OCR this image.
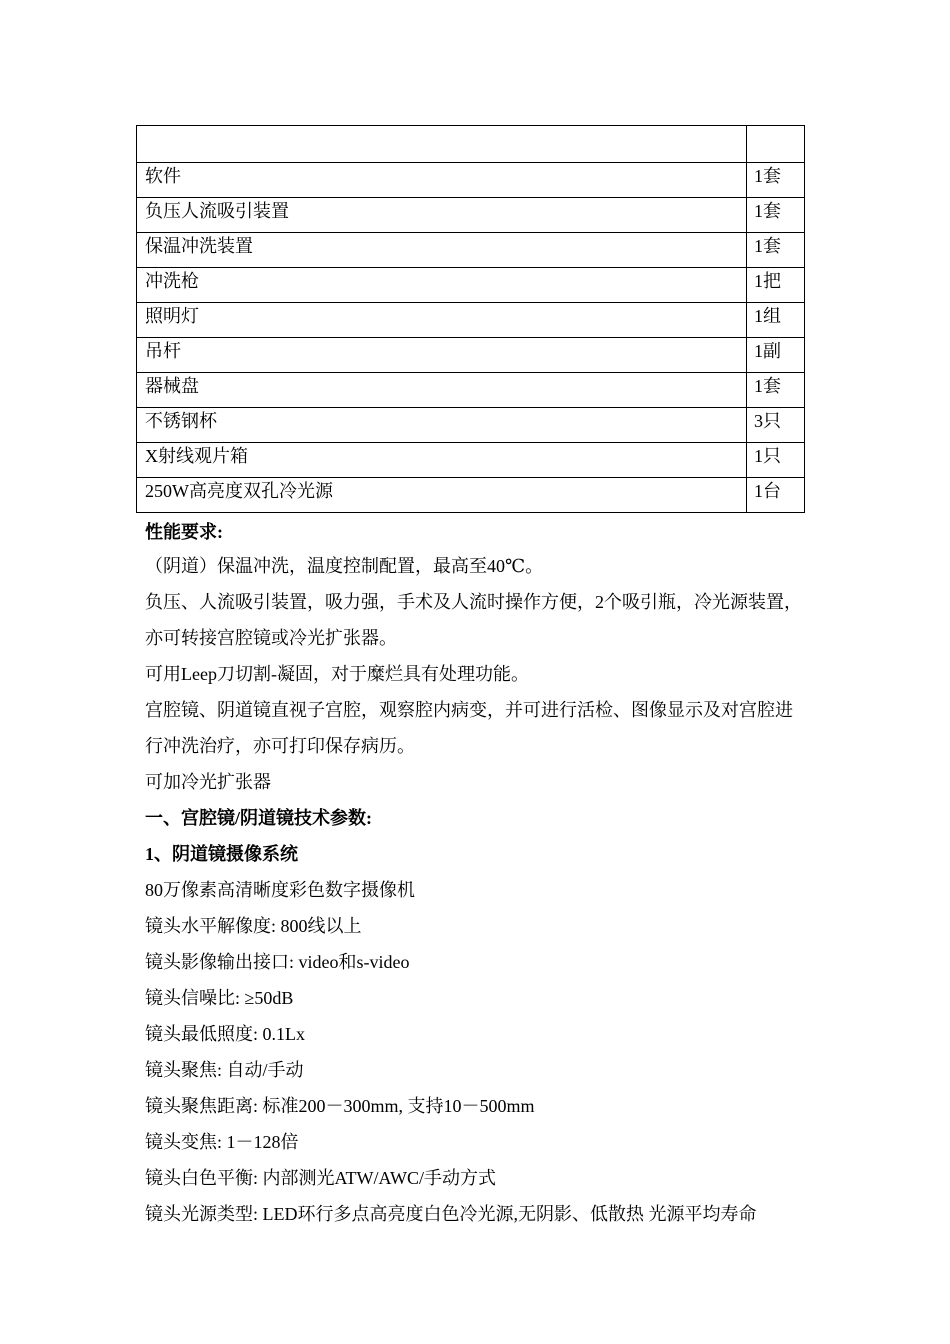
软件	1套
负压人流吸引装置	1套
保温冲洗装置	1套
冲洗枪	1把
照明灯	1组
吊杆	1副
器械盘	1套
不锈钢杯	3只
X射线观片箱	1只
250W高亮度双孔冷光源	1台

性能要求:

（阴道）保温冲洗，温度控制配置，最高至40℃。

负压、人流吸引装置，吸力强，手术及人流时操作方便，2个吸引瓶，冷光源装置，

亦可转接宫腔镜或冷光扩张器。

可用Leep刀切割-凝固，对于糜烂具有处理功能。

宫腔镜、阴道镜直视子宫腔，观察腔内病变，并可进行活检、图像显示及对宫腔进

行冲洗治疗，亦可打印保存病历。

可加冷光扩张器

一、宫腔镜/阴道镜技术参数:

1、阴道镜摄像系统

80万像素高清晰度彩色数字摄像机

镜头水平解像度: 800线以上

镜头影像输出接口: video和s-video

镜头信噪比: ≥50dB

镜头最低照度: 0.1Lx

镜头聚焦: 自动/手动

镜头聚焦距离: 标准200－300mm, 支持10－500mm

镜头变焦: 1－128倍

镜头白色平衡: 内部测光ATW/AWC/手动方式

镜头光源类型: LED环行多点高亮度白色冷光源,无阴影、低散热 光源平均寿命
